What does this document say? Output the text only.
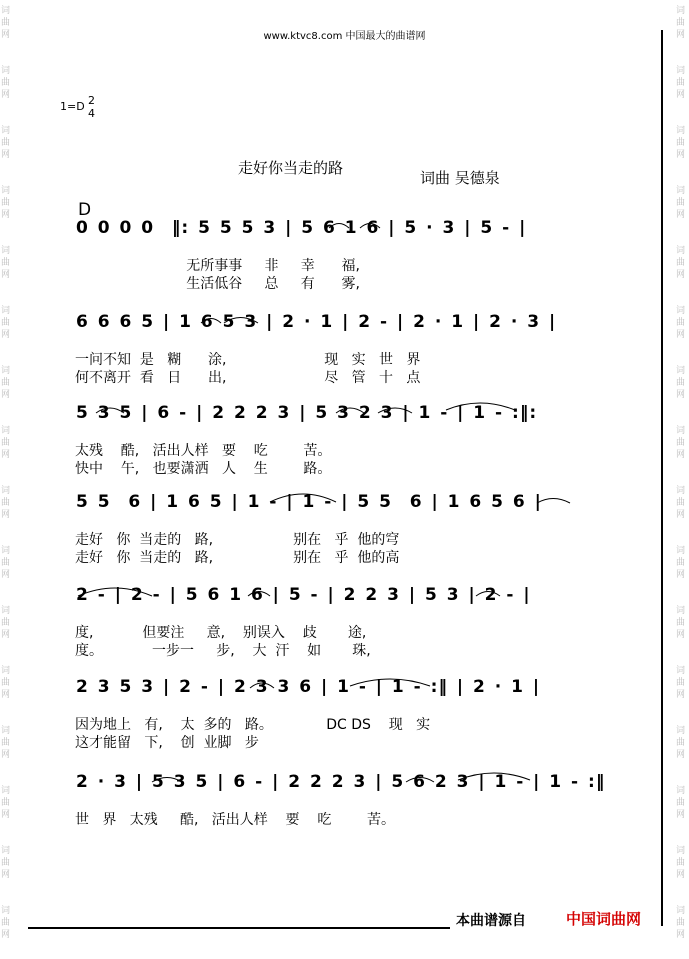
词
曲
网
词
曲
网
词
曲
网
词
曲
网
词
曲
网
词
曲
网
词
曲
网
词
曲
网
词
曲
网
词
曲
网
词
曲
网
词
曲
网
词
曲
网
词
曲
网
词
曲
网
词
曲
网
词
曲
网
词
曲
网
词
曲
网
词
曲
网
词
曲
网
词
曲
网
词
曲
网
词
曲
网
词
曲
网
词
曲
网
词
曲
网
词
曲
网
词
曲
网
词
曲
网
词
曲
网
词
曲
网
www.ktvc8.com 中国最大的曲谱网
1=D 2
4
走好你当走的路
词曲 吴德泉
D
0 0 0 0  ‖: 5 5 5 3 | 5 6 1 6 | 5 · 3 | 5 - |
无所事事     非     幸      福,
生活低谷     总     有      雾,
6 6 6 5 | 1 6 5 3 | 2 · 1 | 2 - | 2 · 1 | 2 · 3 |
一问不知  是   糊      涂,                      现   实   世   界
何不离开  看   日      出,                      尽   管   十   点
5 3 5 | 6 - | 2 2 2 3 | 5 3 2 3 | 1 - | 1 - :‖:
太残    酷,   活出人样   要    吃        苦。
快中    午,   也要潇洒   人    生        路。
5 5  6 | 1 6 5 | 1 - | 1 - | 5 5  6 | 1 6 5 6 |
走好   你  当走的   路,                  别在   乎  他的穹
走好   你  当走的   路,                  别在   乎  他的高
2 - | 2 - | 5 6 1 6 | 5 - | 2 2 3 | 5 3 | 2 - |
度,           但要注     意,    别误入    歧       途,
度。           一步一     步,    大  汗    如       珠,
2 3 5 3 | 2 - | 2 3 3 6 | 1 - | 1 - :‖ | 2 · 1 |
因为地上   有,    太  多的   路。            DC DS    现   实
这才能留   下,    创  业脚   步
2 · 3 | 5 3 5 | 6 - | 2 2 2 3 | 5 6 2 3 | 1 - | 1 - :‖
世   界   太残     酷,   活出人样    要    吃        苦。
本曲谱源自	中国词曲网
